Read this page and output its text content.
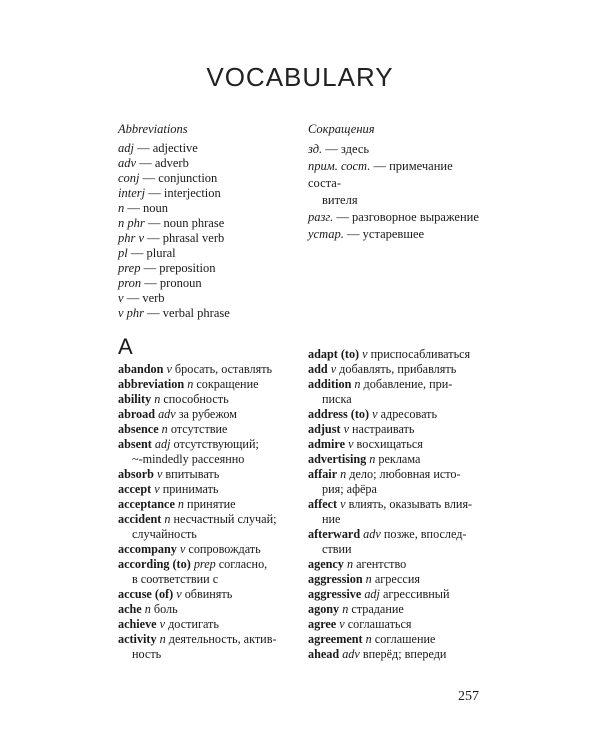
VOCABULARY
Abbreviations
adj — adjective
adv — adverb
conj — conjunction
interj — interjection
n — noun
n phr — noun phrase
phr v — phrasal verb
pl — plural
prep — preposition
pron — pronoun
v — verb
v phr — verbal phrase
Сокращения
зд. — здесь
прим. сост. — примечание соста-
вителя
разг. — разговорное выражение
устар. — устаревшее
A
abandon v бросать, оставлять
abbreviation n сокращение
ability n способность
abroad adv за рубежом
absence n отсутствие
absent adj отсутствующий;
~-mindedly рассеянно
absorb v впитывать
accept v принимать
acceptance n принятие
accident n несчастный случай;
случайность
accompany v сопровождать
according (to) prep согласно,
в соответствии с
accuse (of) v обвинять
ache n боль
achieve v достигать
activity n деятельность, актив-
ность
adapt (to) v приспосабливаться
add v добавлять, прибавлять
addition n добавление, при-
писка
address (to) v адресовать
adjust v настраивать
admire v восхищаться
advertising n реклама
affair n дело; любовная исто-
рия; афёра
affect v влиять, оказывать влия-
ние
afterward adv позже, впослед-
ствии
agency n агентство
aggression n агрессия
aggressive adj агрессивный
agony n страдание
agree v соглашаться
agreement n соглашение
ahead adv вперёд; впереди
257
